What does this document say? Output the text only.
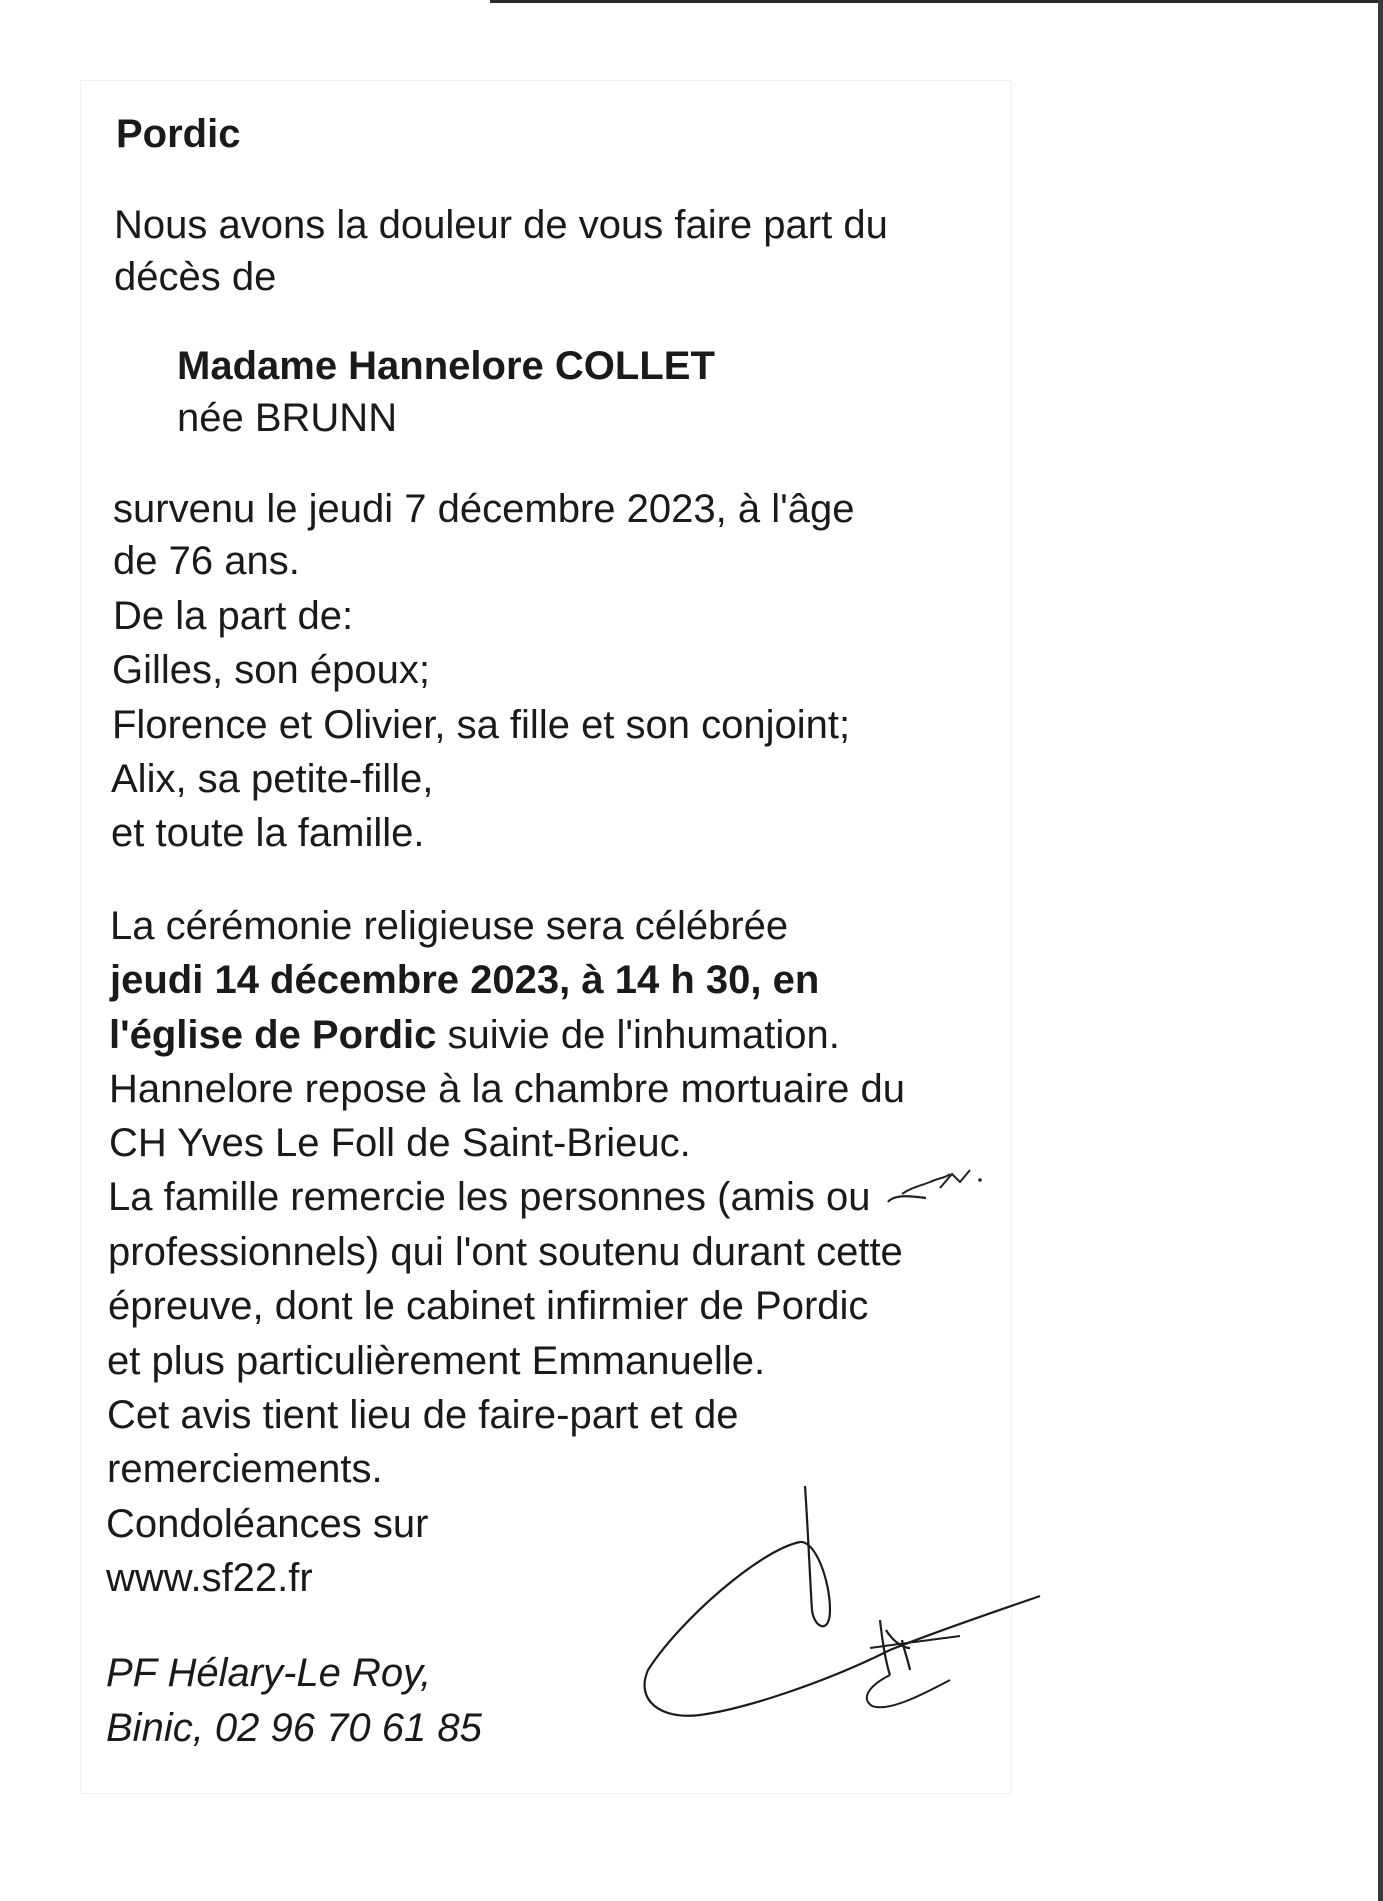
Pordic
Nous avons la douleur de vous faire part du
décès de
Madame Hannelore COLLET
née BRUNN
survenu le jeudi 7 décembre 2023, à l'âge
de 76 ans.
De la part de:
Gilles, son époux;
Florence et Olivier, sa fille et son conjoint;
Alix, sa petite-fille,
et toute la famille.
La cérémonie religieuse sera célébrée
jeudi 14 décembre 2023, à 14 h 30, en
l'église de Pordic suivie de l'inhumation.
Hannelore repose à la chambre mortuaire du
CH Yves Le Foll de Saint-Brieuc.
La famille remercie les personnes (amis ou
professionnels) qui l'ont soutenu durant cette
épreuve, dont le cabinet infirmier de Pordic
et plus particulièrement Emmanuelle.
Cet avis tient lieu de faire-part et de
remerciements.
Condoléances sur
www.sf22.fr
PF Hélary-Le Roy,
Binic, 02 96 70 61 85
